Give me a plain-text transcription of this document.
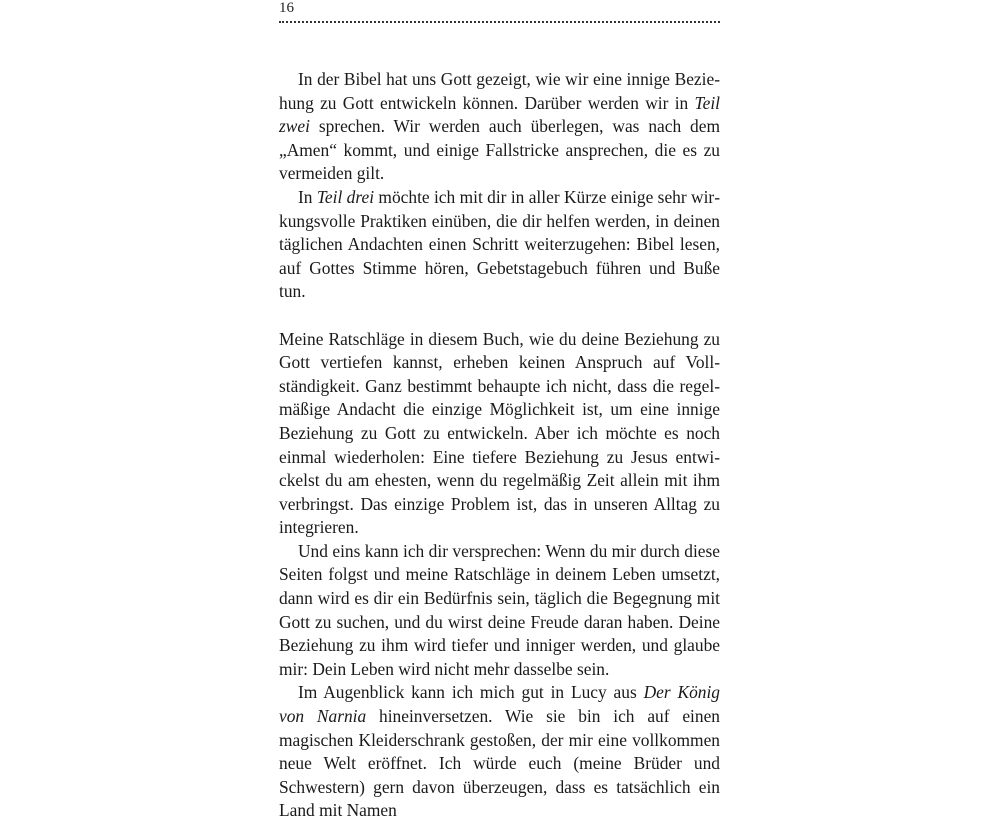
16

In der Bibel hat uns Gott gezeigt, wie wir eine innige Beziehung zu Gott entwickeln können. Darüber werden wir in Teil zwei sprechen. Wir werden auch überlegen, was nach dem „Amen“ kommt, und einige Fallstricke ansprechen, die es zu vermeiden gilt.

In Teil drei möchte ich mit dir in aller Kürze einige sehr wirkungsvolle Praktiken einüben, die dir helfen werden, in deinen täglichen Andachten einen Schritt weiterzugehen: Bibel lesen, auf Gottes Stimme hören, Gebetstagebuch führen und Buße tun.

Meine Ratschläge in diesem Buch, wie du deine Beziehung zu Gott vertiefen kannst, erheben keinen Anspruch auf Vollständigkeit. Ganz bestimmt behaupte ich nicht, dass die regelmäßige Andacht die einzige Möglichkeit ist, um eine innige Beziehung zu Gott zu entwickeln. Aber ich möchte es noch einmal wiederholen: Eine tiefere Beziehung zu Jesus entwickelst du am ehesten, wenn du regelmäßig Zeit allein mit ihm verbringst. Das einzige Problem ist, das in unseren Alltag zu integrieren.

Und eins kann ich dir versprechen: Wenn du mir durch diese Seiten folgst und meine Ratschläge in deinem Leben umsetzt, dann wird es dir ein Bedürfnis sein, täglich die Begegnung mit Gott zu suchen, und du wirst deine Freude daran haben. Deine Beziehung zu ihm wird tiefer und inniger werden, und glaube mir: Dein Leben wird nicht mehr dasselbe sein.

Im Augenblick kann ich mich gut in Lucy aus Der König von Narnia hineinversetzen. Wie sie bin ich auf einen magischen Kleiderschrank gestoßen, der mir eine vollkommen neue Welt eröffnet. Ich würde euch (meine Brüder und Schwestern) gern davon überzeugen, dass es tatsächlich ein Land mit Namen
